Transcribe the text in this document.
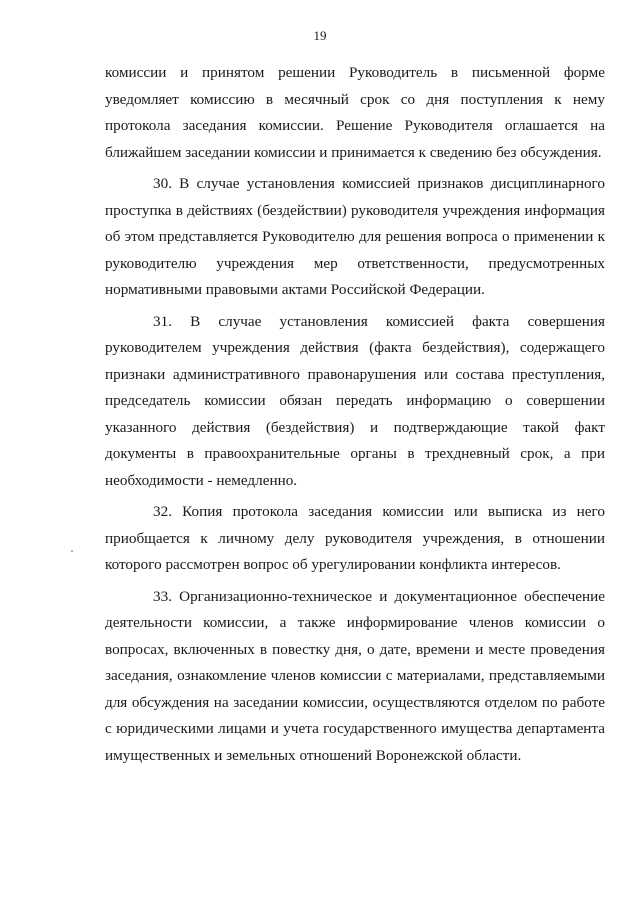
19

комиссии и принятом решении Руководитель в письменной форме уведомляет комиссию в месячный срок со дня поступления к нему протокола заседания комиссии. Решение Руководителя оглашается на ближайшем заседании комиссии и принимается к сведению без обсуждения.

30. В случае установления комиссией признаков дисциплинарного проступка в действиях (бездействии) руководителя учреждения информация об этом представляется Руководителю для решения вопроса о применении к руководителю учреждения мер ответственности, предусмотренных нормативными правовыми актами Российской Федерации.

31. В случае установления комиссией факта совершения руководителем учреждения действия (факта бездействия), содержащего признаки административного правонарушения или состава преступления, председатель комиссии обязан передать информацию о совершении указанного действия (бездействия) и подтверждающие такой факт документы в правоохранительные органы в трехдневный срок, а при необходимости - немедленно.

32. Копия протокола заседания комиссии или выписка из него приобщается к личному делу руководителя учреждения, в отношении которого рассмотрен вопрос об урегулировании конфликта интересов.

33. Организационно-техническое и документационное обеспечение деятельности комиссии, а также информирование членов комиссии о вопросах, включенных в повестку дня, о дате, времени и месте проведения заседания, ознакомление членов комиссии с материалами, представляемыми для обсуждения на заседании комиссии, осуществляются отделом по работе с юридическими лицами и учета государственного имущества департамента имущественных и земельных отношений Воронежской области.
